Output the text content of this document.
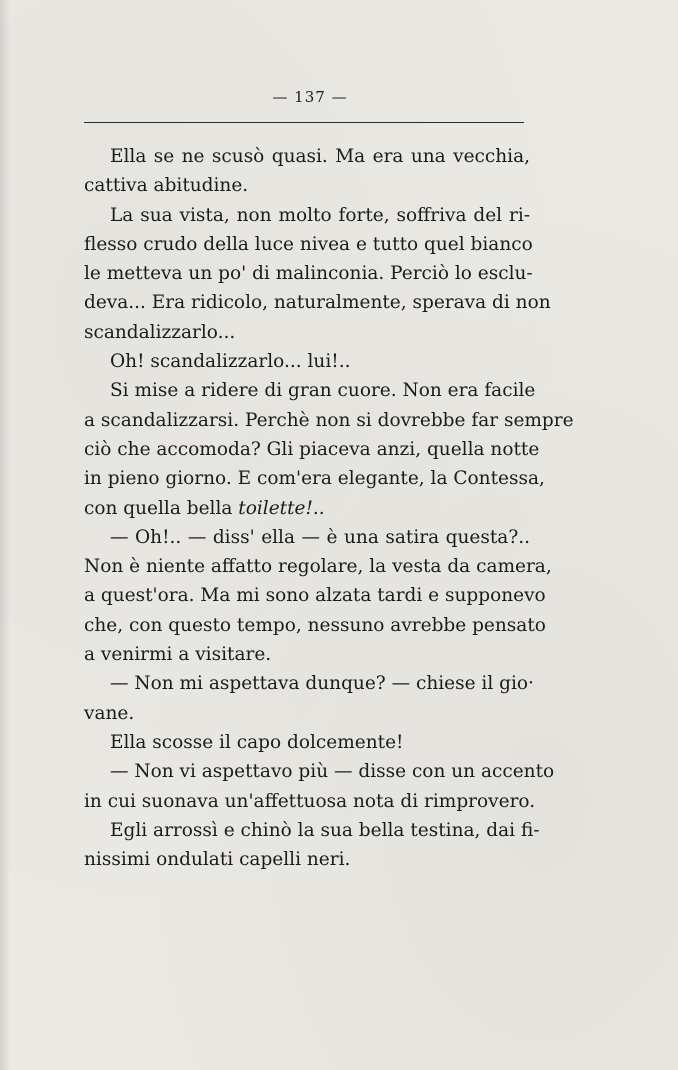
— 137 —
Ella se ne scusò quasi. Ma era una vecchia,
cattiva abitudine.
La sua vista, non molto forte, soffriva del ri-
flesso crudo della luce nivea e tutto quel bianco
le metteva un po' di malinconia. Perciò lo esclu-
deva... Era ridicolo, naturalmente, sperava di non
scandalizzarlo...
Oh! scandalizzarlo... lui!..
Si mise a ridere di gran cuore. Non era facile
a scandalizzarsi. Perchè non si dovrebbe far sempre
ciò che accomoda? Gli piaceva anzi, quella notte
in pieno giorno. E com'era elegante, la Contessa,
con quella bella toilette!..
— Oh!.. — diss' ella — è una satira questa?..
Non è niente affatto regolare, la vesta da camera,
a quest'ora. Ma mi sono alzata tardi e supponevo
che, con questo tempo, nessuno avrebbe pensato
a venirmi a visitare.
— Non mi aspettava dunque? — chiese il gio·
vane.
Ella scosse il capo dolcemente!
— Non vi aspettavo più — disse con un accento
in cui suonava un'affettuosa nota di rimprovero.
Egli arrossì e chinò la sua bella testina, dai fi-
nissimi ondulati capelli neri.
